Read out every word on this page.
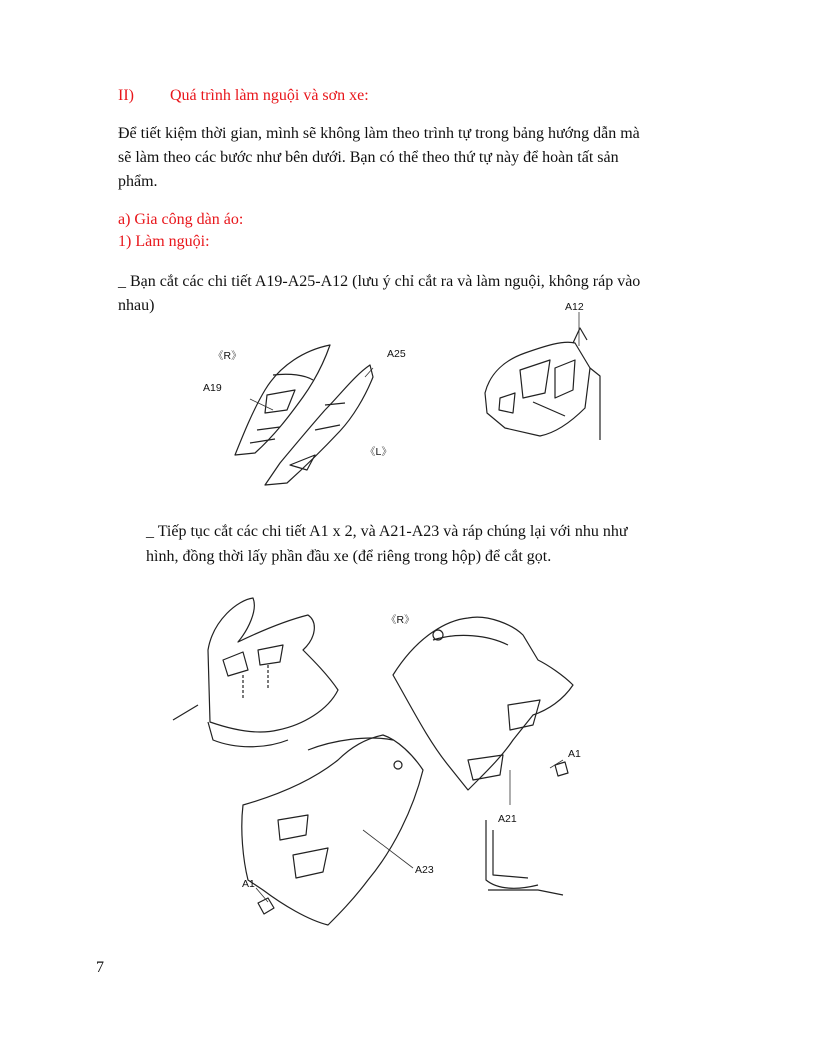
II) Quá trình làm nguội và sơn xe:
Để tiết kiệm thời gian, mình sẽ không làm theo trình tự trong bảng hướng dẫn mà
sẽ làm theo các bước như bên dưới. Bạn có thể theo thứ tự này để hoàn tất sản
phẩm.
a) Gia công dàn áo:
1) Làm nguội:
_ Bạn cắt các chi tiết A19-A25-A12 (lưu ý chỉ cắt ra và làm nguội, không ráp vào
nhau)
《R》	A25
A19
《L》
A12
_ Tiếp tục cắt các chi tiết A1 x 2, và A21-A23 và ráp chúng lại với nhu như
hình, đồng thời lấy phần đầu xe (để riêng trong hộp) để cắt gọt.
《R》
A1
A21
A23
A1
7
